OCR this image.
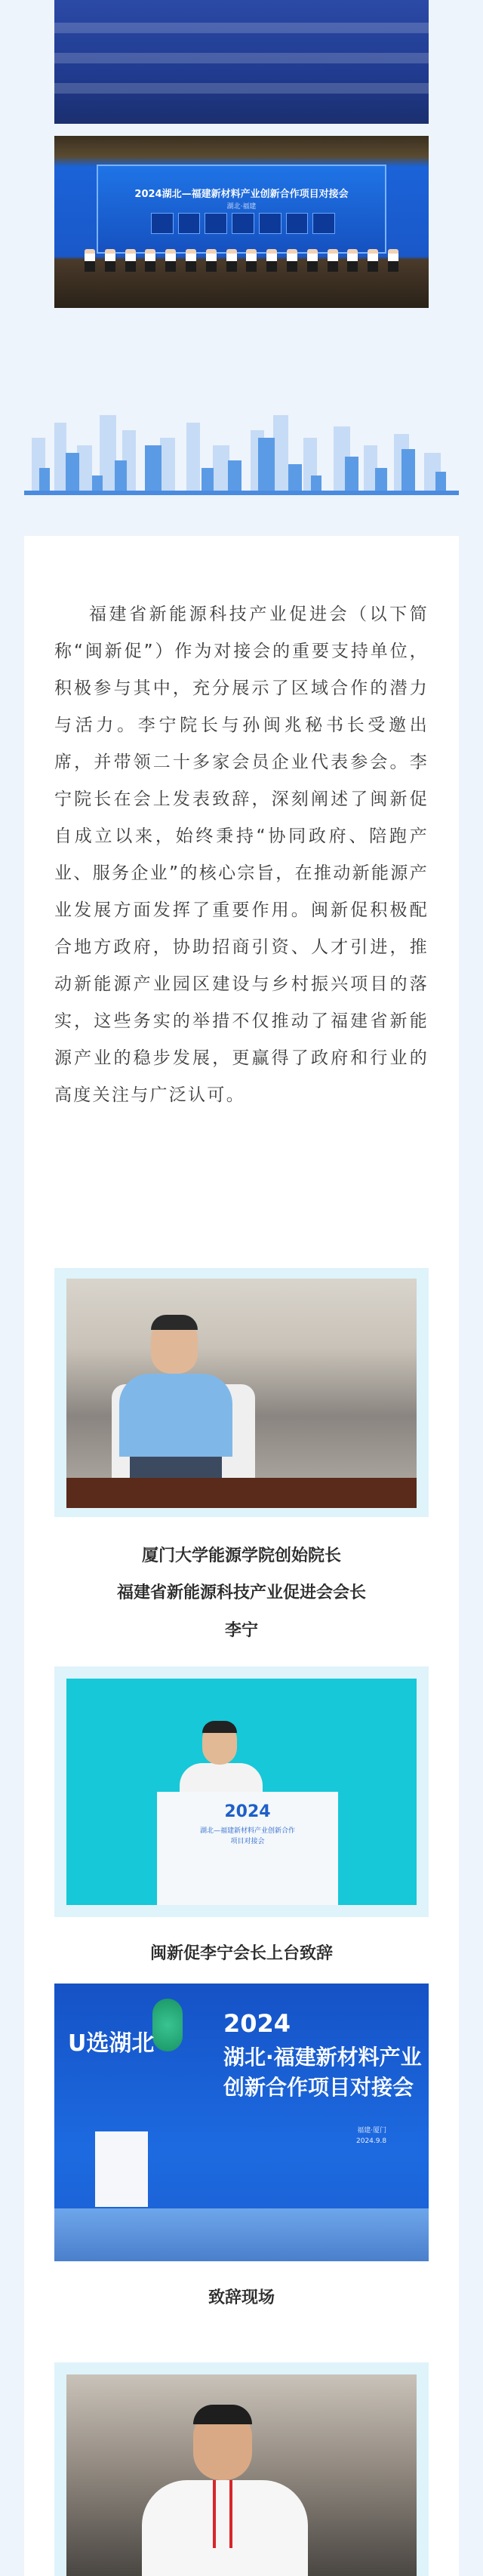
2024湖北—福建新材料产业创新合作项目对接会
湖北·福建

福建省新能源科技产业促进会（以下简称“闽新促”）作为对接会的重要支持单位，积极参与其中，充分展示了区域合作的潜力与活力。李宁院长与孙闽兆秘书长受邀出席，并带领二十多家会员企业代表参会。李宁院长在会上发表致辞，深刻阐述了闽新促自成立以来，始终秉持“协同政府、陪跑产业、服务企业”的核心宗旨，在推动新能源产业发展方面发挥了重要作用。闽新促积极配合地方政府，协助招商引资、人才引进，推动新能源产业园区建设与乡村振兴项目的落实，这些务实的举措不仅推动了福建省新能源产业的稳步发展，更赢得了政府和行业的高度关注与广泛认可。

厦门大学能源学院创始院长
福建省新能源科技产业促进会会长
李宁
2024
湖北—福建新材料产业创新合作
项目对接会
闽新促李宁会长上台致辞
U选湖北
2024
湖北·福建新材料产业
创新合作项目对接会
福建·厦门
2024.9.8
致辞现场
